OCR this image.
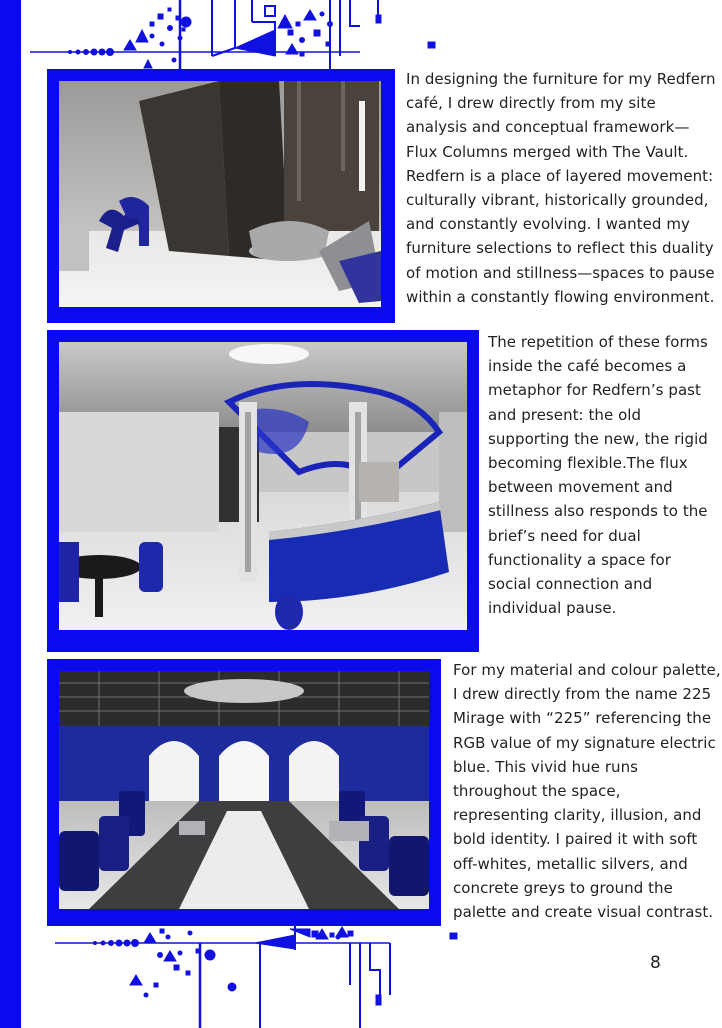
In designing the furniture for my Redfern café, I drew directly from my site analysis and conceptual framework—Flux Columns merged with The Vault. Redfern is a place of layered movement: culturally vibrant, historically grounded, and constantly evolving. I wanted my furniture selections to reflect this duality of motion and stillness—spaces to pause within a constantly flowing environment.

The repetition of these forms inside the café becomes a metaphor for Redfern’s past and present: the old supporting the new, the rigid becoming flexible.The flux between movement and stillness also responds to the brief’s need for dual functionality a space for social connection and individual pause.

For my material and colour palette, I drew directly from the name 225 Mirage with “225” referencing the RGB value of my signature electric blue. This vivid hue runs throughout the space, representing clarity, illusion, and bold identity. I paired it with soft off-whites, metallic silvers, and concrete greys to ground the palette and create visual contrast.

8
